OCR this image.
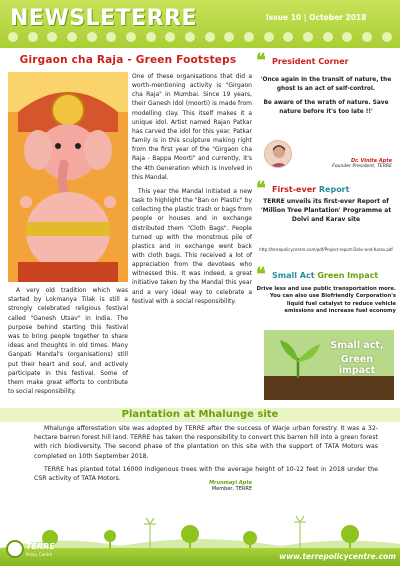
NEWSLETERRE	Issue 10 | October 2018
Girgaon cha Raja - Green Footsteps

A very old tradition which was started by Lokmanya Tilak is still a strongly celebrated religious festival called "Ganesh Utsav" in India. The purpose behind starting this festival was to bring people together to share ideas and thoughts in old times. Many Ganpati Mandal's (organisations) still put their heart and soul, and actively participate in this festival. Some of them make great efforts to contribute to social responsibility.

One of these organisations that did a worth-mentioning activity is "Girgaon cha Raja" in Mumbai. Since 19 years, their Ganesh Idol (moorti) is made from modelling clay. This itself makes it a unique idol. Artist named Rajan Patkar has carved the idol for this year. Patkar family is in this sculpture making right from the first year of the "Girgaon cha Raja - Bappa Moorti" and currently, it's the 4th Generation which is involved in this Mandal.

This year the Mandal initiated a new task to highlight the "Ban on Plastic" by collecting the plastic trash or bags from people or houses and in exchange distributed them "Cloth Bags". People turned up with the monstrous pile of plastics and in exchange went back with cloth bags. This received a lot of appreciation from the devotees who witnessed this. It was indeed, a great initiative taken by the Mandal this year and a very ideal way to celebrate a festival with a social responsibility.

Mrunmayi Apte
Member, TERRE
❝ President Corner

'Once again in the transit of nature, the ghost is an act of self-control.

Be aware of the wrath of nature. Save nature before it's too late !!'

Dr. Vinita Apte
Founder President, TERRE
❝ First-ever Report
TERRE unveils its first-ever Report of 'Million Tree Plantation' Programme at Dolvi and Karav site
http://terrepolicycentre.com/pdf/Project-report-Dolvi-and-Karav.pdf
❝ Small Act Green Impact
Drive less and use public transportation more. You can also use Biofriendly Corporation's liquid fuel catalyst to reduce vehicle emissions and increase fuel economy
Small act,
Green impact
Plantation at Mhalunge site

Mhalunge afforestation site was adopted by TERRE after the success of Warje urban forestry. It was a 32-hectare barren forest hill land. TERRE has taken the responsibility to convert this barren hill into a green forest with rich biodiversity. The second phase of the plantation on this site with the support of TATA Motors was completed on 10th September 2018.

TERRE has planted total 16000 indigenous trees with the average height of 10-12 feet in 2018 under the CSR activity of TATA Motors.

TERRE
Policy Centre	www.terrepolicycentre.com
